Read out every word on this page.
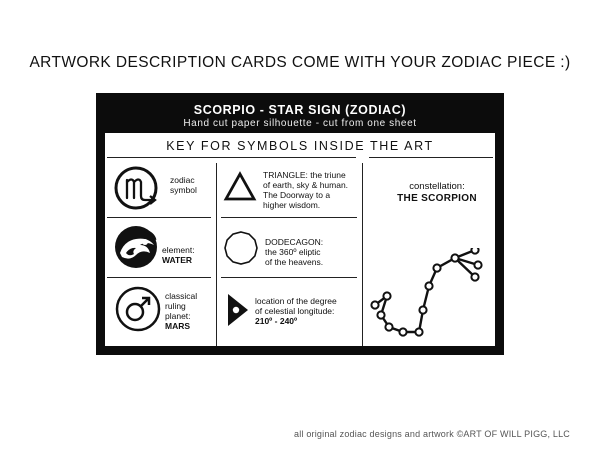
ARTWORK DESCRIPTION CARDS COME WITH YOUR ZODIAC PIECE :)
SCORPIO - STAR SIGN (ZODIAC)
Hand cut paper silhouette - cut from one sheet
KEY FOR SYMBOLS INSIDE THE ART
zodiac
symbol
element:
WATER
classical
ruling
planet:
MARS
TRIANGLE: the triune
of earth, sky & human.
The Doorway to a
higher wisdom.
DODECAGON:
the 360º eliptic
of the heavens.
location of the degree
of celestial longitude:
210º - 240º
constellation:
THE SCORPION
all original zodiac designs and artwork ©ART OF WILL PIGG, LLC
